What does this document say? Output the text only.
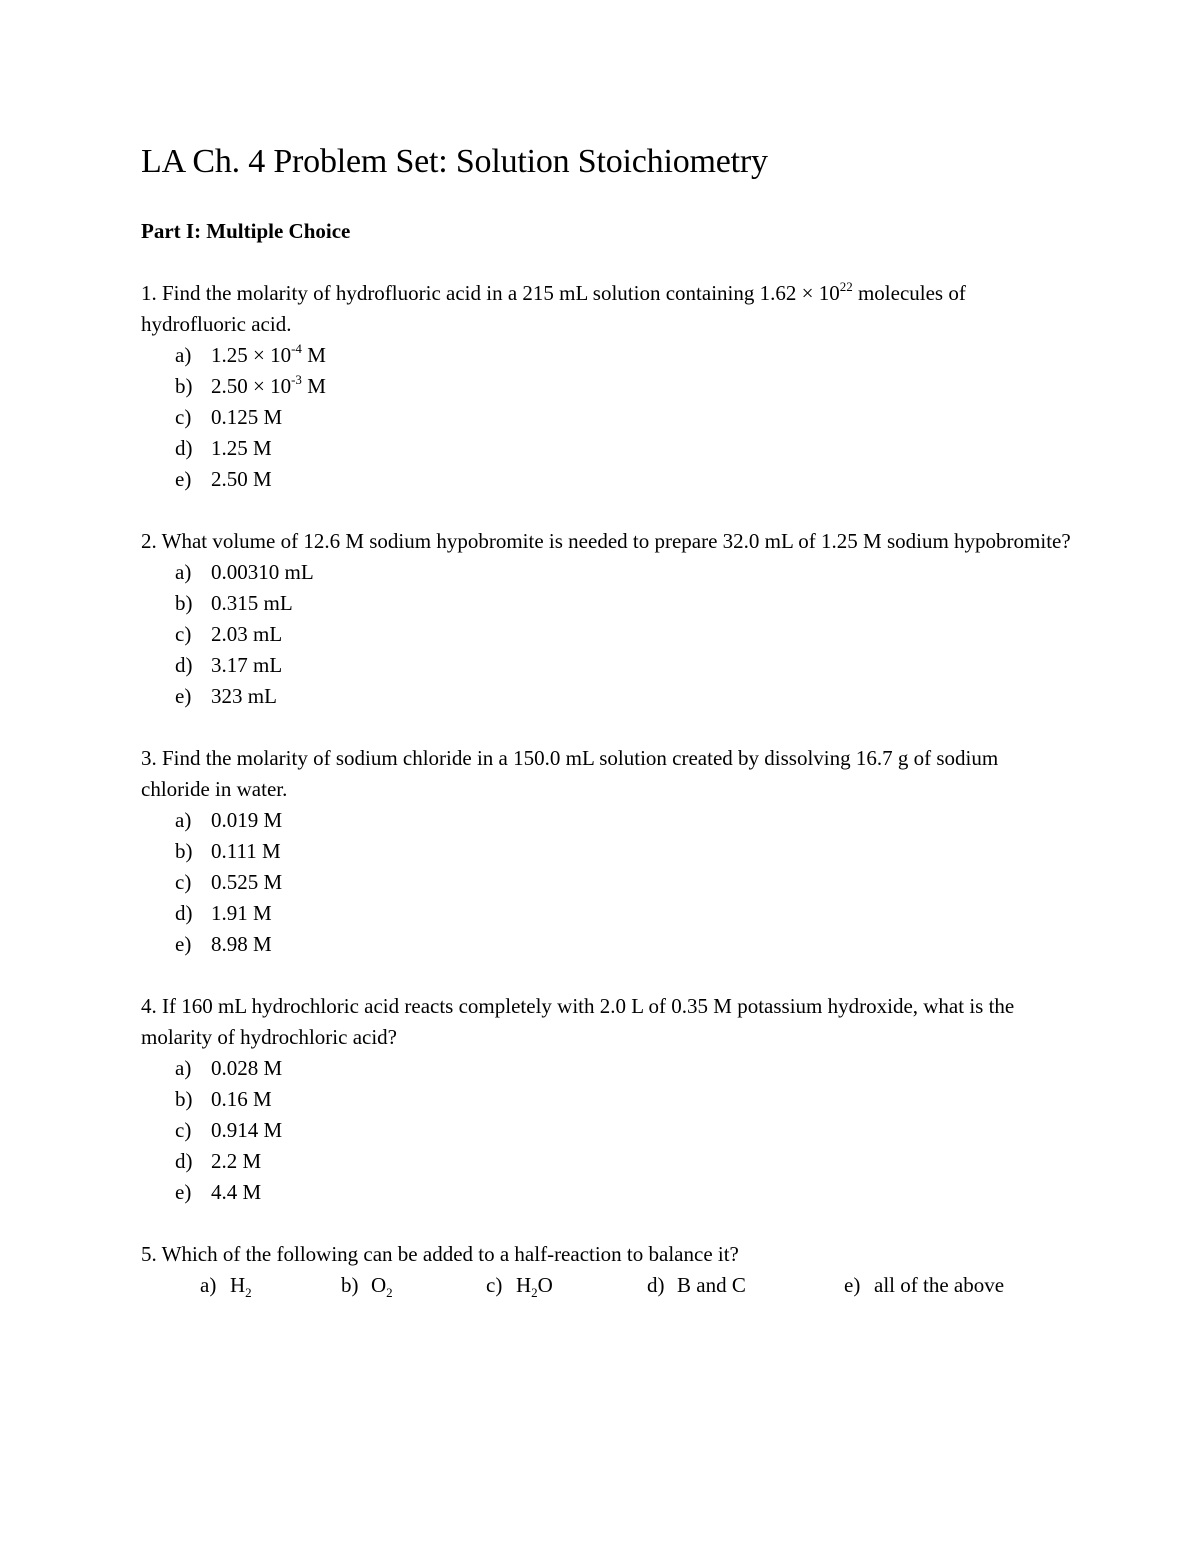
LA Ch. 4 Problem Set: Solution Stoichiometry
Part I: Multiple Choice

1. Find the molarity of hydrofluoric acid in a 215 mL solution containing $1.62 \times 10^{22}$ molecules of hydrofluoric acid.

a) $1.25 \times 10^{-4}$ M
b) $2.50 \times 10^{-3}$ M
c) 0.125 M
d) 1.25 M
e) 2.50 M

2. What volume of 12.6 M sodium hypobromite is needed to prepare 32.0 mL of 1.25 M sodium hypobromite?

a) 0.00310 mL
b) 0.315 mL
c) 2.03 mL
d) 3.17 mL
e) 323 mL

3. Find the molarity of sodium chloride in a 150.0 mL solution created by dissolving 16.7 g of sodium chloride in water.

a) 0.019 M
b) 0.111 M
c) 0.525 M
d) 1.91 M
e) 8.98 M

4. If 160 mL hydrochloric acid reacts completely with 2.0 L of 0.35 M potassium hydroxide, what is the molarity of hydrochloric acid?

a) 0.028 M
b) 0.16 M
c) 0.914 M
d) 2.2 M
e) 4.4 M

5. Which of the following can be added to a half-reaction to balance it?

a) $H_2$	b) $O_2$	c) $H_2O$	d) B and C	e) all of the above
